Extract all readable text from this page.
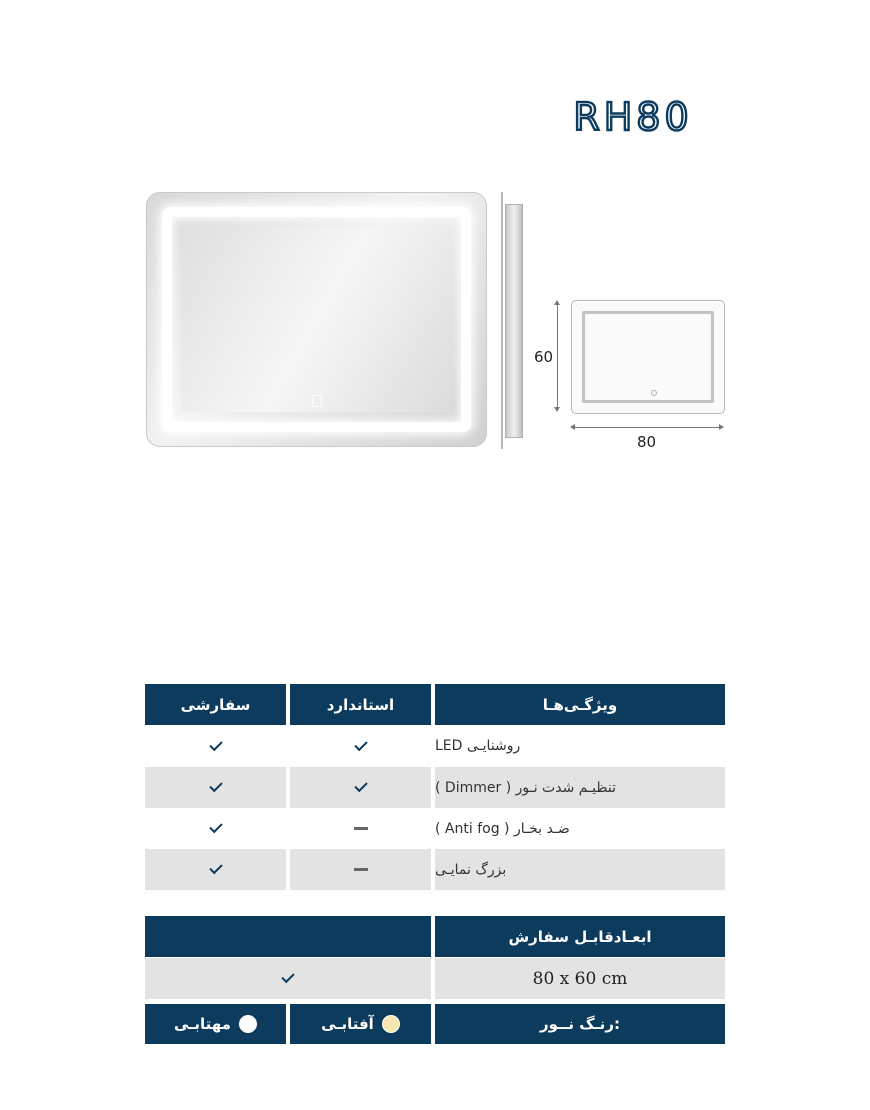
RH80
60
80
ویژگـی‌هـا
استاندارد
سفارشی
روشنایـی LED
تنظیـم شدت نـور ( Dimmer )
ضـد بخـار ( Anti fog )
بزرگ نمایـی
ابعـادقابـل سفارش
80 x 60 cm
رنـگ نــور:
آفتابـی
مهتابـی
